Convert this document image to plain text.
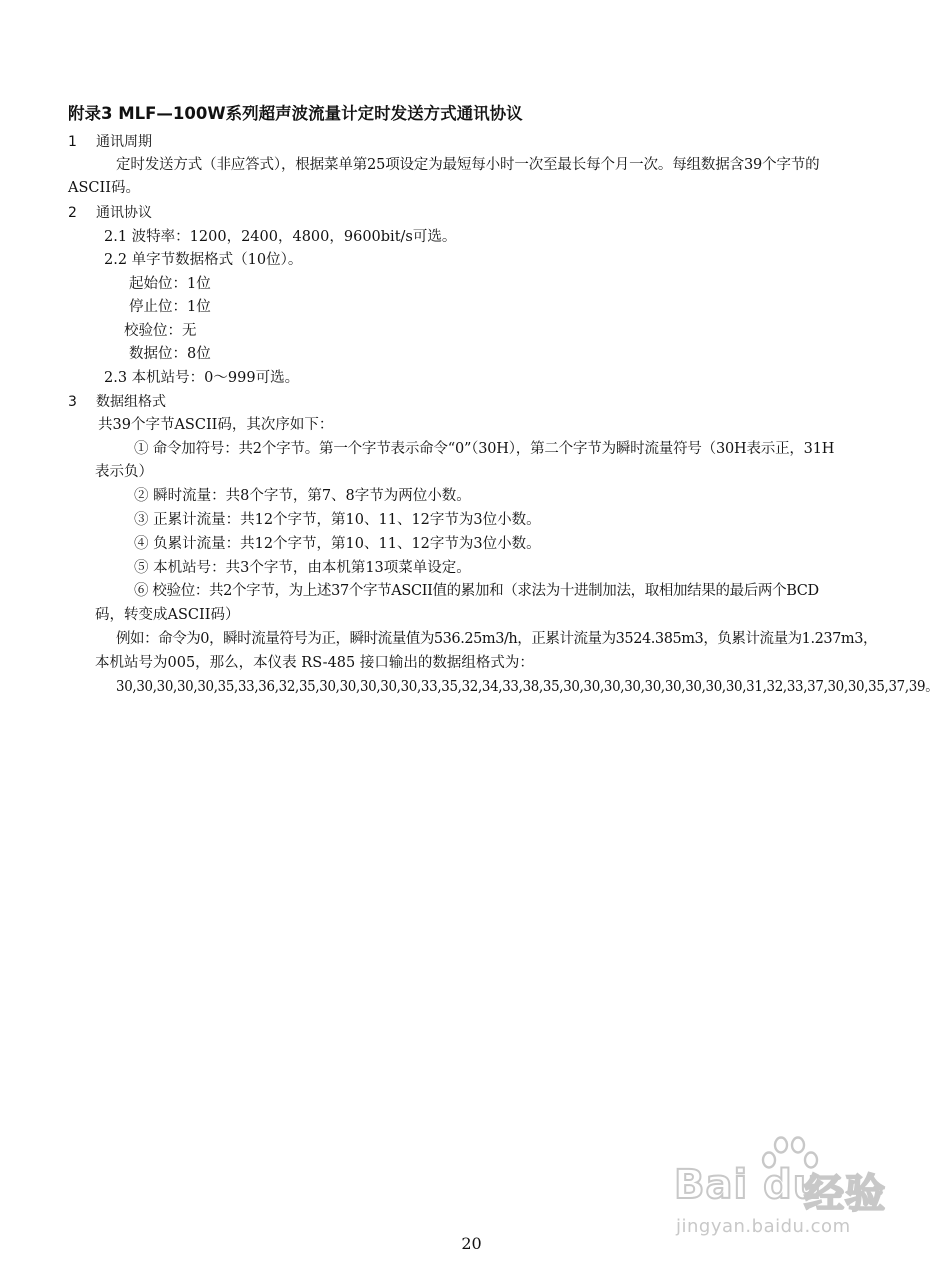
附录3 MLF—100W系列超声波流量计定时发送方式通讯协议
1 通讯周期
定时发送方式（非应答式），根据菜单第25项设定为最短每小时一次至最长每个月一次。每组数据含39个字节的
ASCII码。
2 通讯协议
2.1 波特率：1200，2400，4800，9600bit/s可选。
2.2 单字节数据格式（10位）。
起始位：1位
停止位：1位
校验位：无
数据位：8位
2.3 本机站号：0～999可选。
3 数据组格式
共39个字节ASCII码，其次序如下：
① 命令加符号：共2个字节。第一个字节表示命令“0”（30H），第二个字节为瞬时流量符号（30H表示正，31H
表示负）
② 瞬时流量：共8个字节，第7、8字节为两位小数。
③ 正累计流量：共12个字节，第10、11、12字节为3位小数。
④ 负累计流量：共12个字节，第10、11、12字节为3位小数。
⑤ 本机站号：共3个字节，由本机第13项菜单设定。
⑥ 校验位：共2个字节，为上述37个字节ASCII值的累加和（求法为十进制加法，取相加结果的最后两个BCD
码，转变成ASCII码）
例如：命令为0，瞬时流量符号为正，瞬时流量值为536.25m3/h，正累计流量为3524.385m3，负累计流量为1.237m3，
本机站号为005，那么，本仪表 RS-485 接口输出的数据组格式为：
30,30,30,30,30,35,33,36,32,35,30,30,30,30,30,33,35,32,34,33,38,35,30,30,30,30,30,30,30,30,30,31,32,33,37,30,30,35,37,39。
Bai du
经验
jingyan.baidu.com
20
